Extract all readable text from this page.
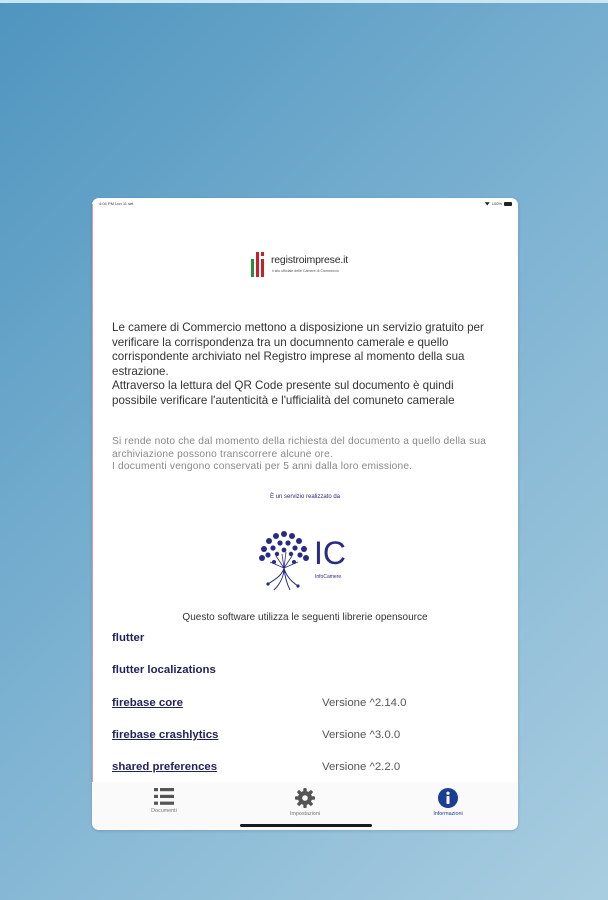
4:04 PM Lun 11 set	100%
registroimprese.it
il sito ufficiale delle Camere di Commercio

Le camere di Commercio mettono a disposizione un servizio gratuito per verificare la corrispondenza tra un documnento camerale e quello corrispondente archiviato nel Registro imprese al momento della sua estrazione.

Attraverso la lettura del QR Code presente sul documento è quindi possibile verificare l'autenticità e l'ufficialità del comuneto camerale

Si rende noto che dal momento della richiesta del documento a quello della sua archiviazione possono transcorrere alcune ore.

I documenti vengono conservati per 5 anni dalla loro emissione.

È un servizio realizzato da
IC
InfoCamere
Questo software utilizza le seguenti librerie opensource
flutter
flutter localizations
firebase core	Versione ^2.14.0
firebase crashlytics	Versione ^3.0.0
shared preferences	Versione ^2.2.0
Documenti	Impostazioni	Informazioni
